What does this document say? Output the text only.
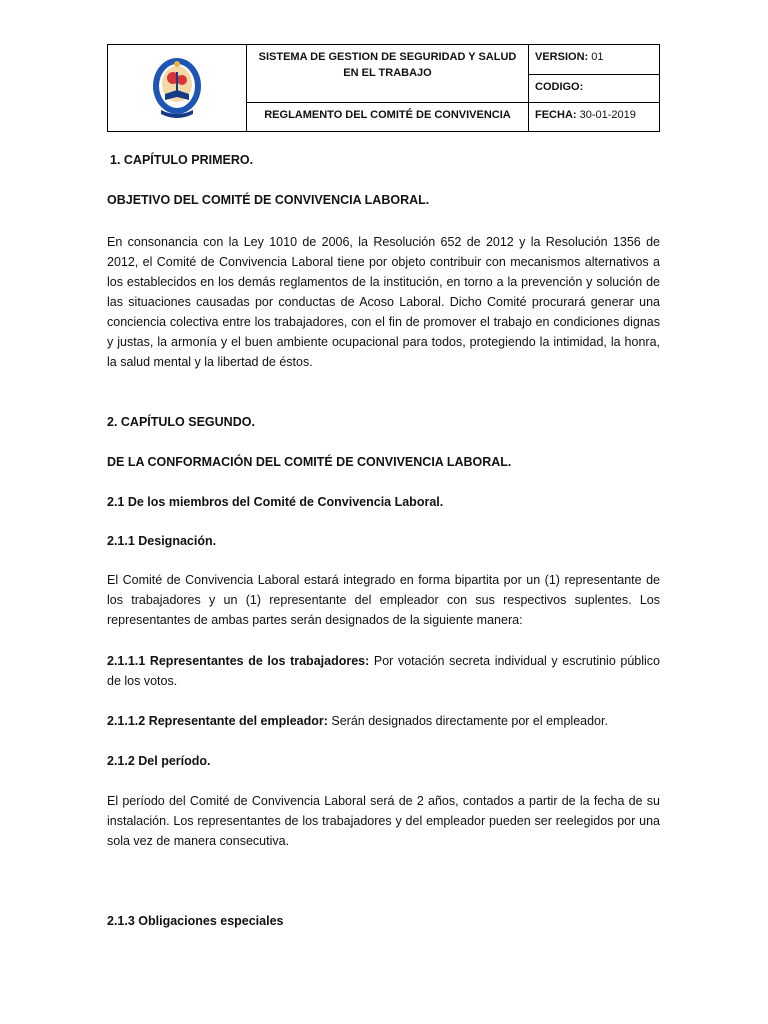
SISTEMA DE GESTION DE SEGURIDAD Y SALUD EN EL TRABAJO
REGLAMENTO DEL COMITÉ DE CONVIVENCIA
VERSION: 01
CODIGO:
FECHA: 30-01-2019

1. CAPÍTULO PRIMERO.

OBJETIVO DEL COMITÉ DE CONVIVENCIA LABORAL.

En consonancia con la Ley 1010 de 2006, la Resolución 652 de 2012 y la Resolución 1356 de 2012, el Comité de Convivencia Laboral tiene por objeto contribuir con mecanismos alternativos a los establecidos en los demás reglamentos de la institución, en torno a la prevención y solución de las situaciones causadas por conductas de Acoso Laboral. Dicho Comité procurará generar una conciencia colectiva entre los trabajadores, con el fin de promover el trabajo en condiciones dignas y justas, la armonía y el buen ambiente ocupacional para todos, protegiendo la intimidad, la honra, la salud mental y la libertad de éstos.

2. CAPÍTULO SEGUNDO.

DE LA CONFORMACIÓN DEL COMITÉ DE CONVIVENCIA LABORAL.

2.1 De los miembros del Comité de Convivencia Laboral.

2.1.1 Designación.

El Comité de Convivencia Laboral estará integrado en forma bipartita por un (1) representante de los trabajadores y un (1) representante del empleador con sus respectivos suplentes. Los representantes de ambas partes serán designados de la siguiente manera:

2.1.1.1 Representantes de los trabajadores: Por votación secreta individual y escrutinio público de los votos.

2.1.1.2 Representante del empleador: Serán designados directamente por el empleador.

2.1.2 Del período.

El período del Comité de Convivencia Laboral será de 2 años, contados a partir de la fecha de su instalación. Los representantes de los trabajadores y del empleador pueden ser reelegidos por una sola vez de manera consecutiva.

2.1.3 Obligaciones especiales
